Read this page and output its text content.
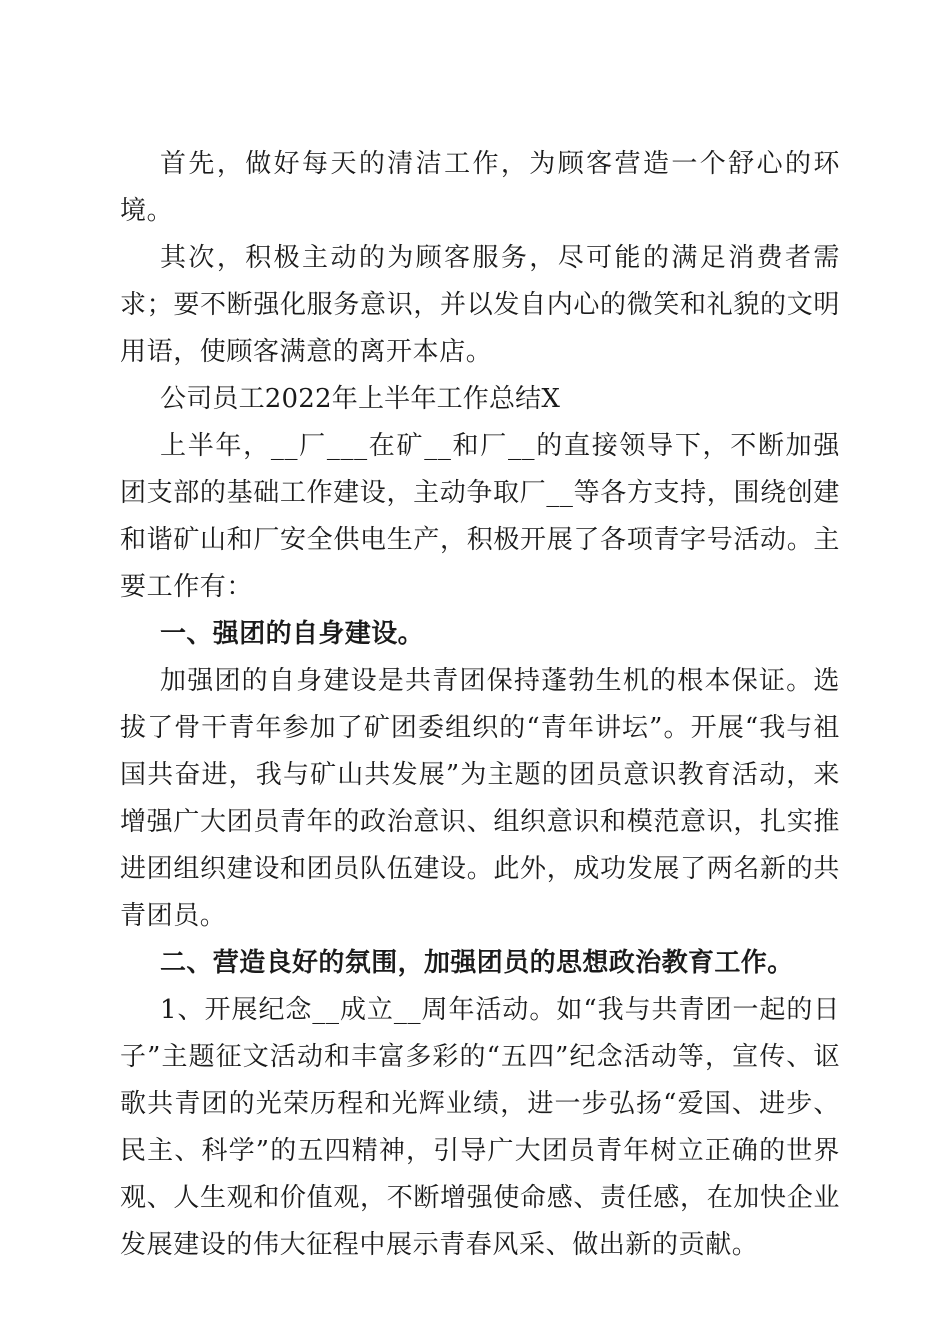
首先，做好每天的清洁工作，为顾客营造一个舒心的环境。

其次，积极主动的为顾客服务，尽可能的满足消费者需求；要不断强化服务意识，并以发自内心的微笑和礼貌的文明用语，使顾客满意的离开本店。

公司员工2022年上半年工作总结X

上半年，__厂___在矿__和厂__的直接领导下，不断加强团支部的基础工作建设，主动争取厂__等各方支持，围绕创建和谐矿山和厂安全供电生产，积极开展了各项青字号活动。主要工作有：

一、强团的自身建设。

加强团的自身建设是共青团保持蓬勃生机的根本保证。选拔了骨干青年参加了矿团委组织的“青年讲坛”。开展“我与祖国共奋进，我与矿山共发展”为主题的团员意识教育活动，来增强广大团员青年的政治意识、组织意识和模范意识，扎实推进团组织建设和团员队伍建设。此外，成功发展了两名新的共青团员。

二、营造良好的氛围，加强团员的思想政治教育工作。

1、开展纪念__成立__周年活动。如“我与共青团一起的日子”主题征文活动和丰富多彩的“五四”纪念活动等，宣传、讴歌共青团的光荣历程和光辉业绩，进一步弘扬“爱国、进步、民主、科学”的五四精神，引导广大团员青年树立正确的世界观、人生观和价值观，不断增强使命感、责任感，在加快企业发展建设的伟大征程中展示青春风采、做出新的贡献。
